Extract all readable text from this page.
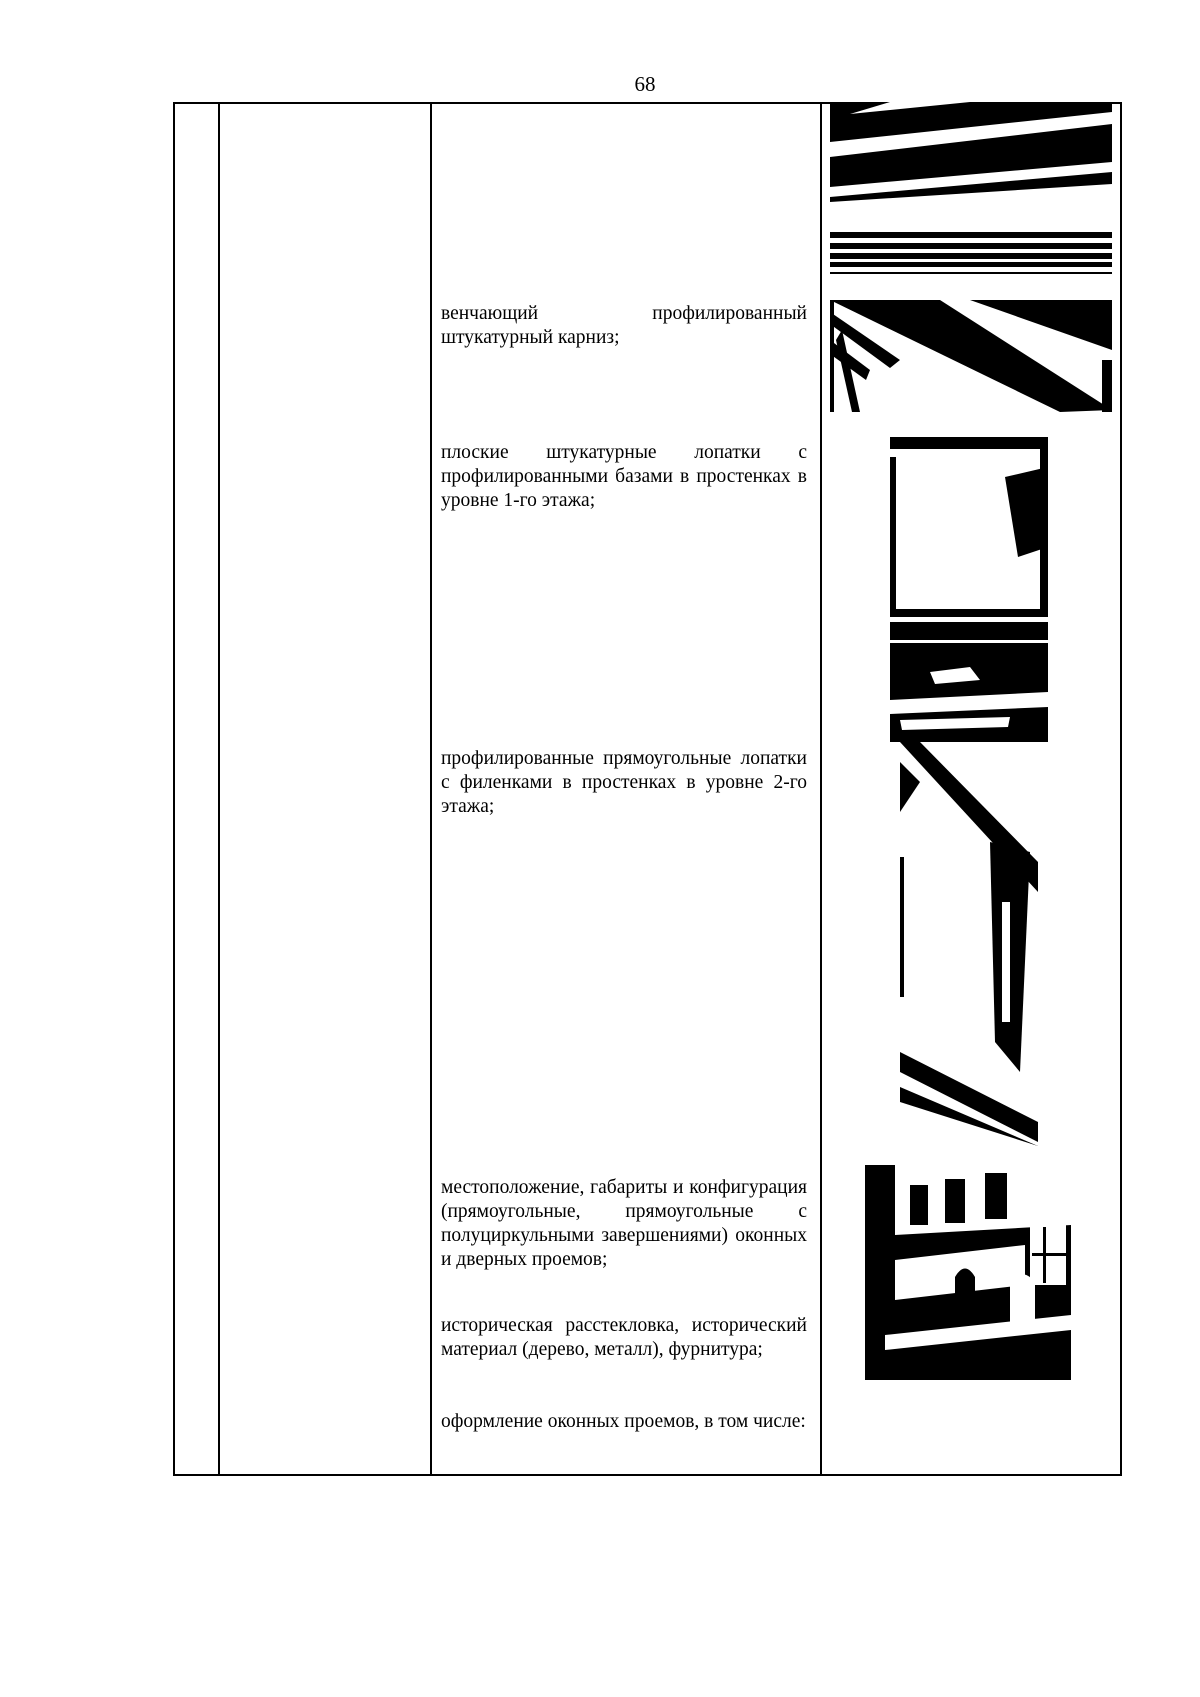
68
венчающий профилированный штукатурный карниз;
плоские штукатурные лопатки с профилированными базами в простенках в уровне 1-го этажа;
профилированные прямоугольные лопатки с филенками в простенках в уровне 2-го этажа;
местоположение, габариты и конфигурация (прямоугольные, прямоугольные с полуциркульными завершениями) оконных и дверных проемов;
историческая расстекловка, исторический материал (дерево, металл), фурнитура;
оформление оконных проемов, в том числе:
